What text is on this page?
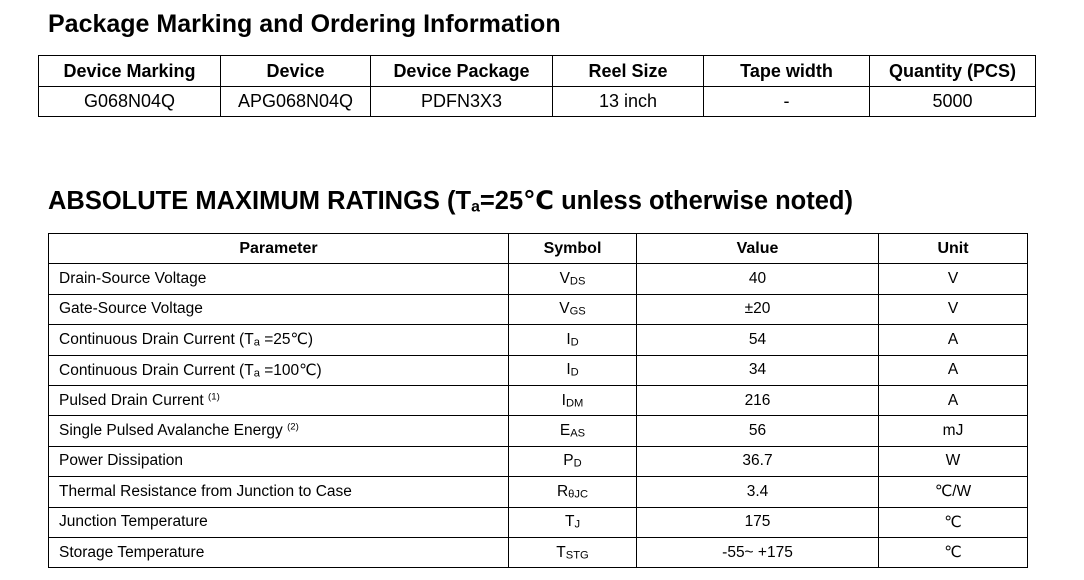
Package Marking and Ordering Information
Device Marking	Device	Device Package	Reel Size	Tape width	Quantity (PCS)
G068N04Q	APG068N04Q	PDFN3X3	13 inch	-	5000
ABSOLUTE MAXIMUM RATINGS (Ta=25℃ unless otherwise noted)
Parameter	Symbol	Value	Unit
Drain-Source Voltage	VDS	40	V
Gate-Source Voltage	VGS	±20	V
Continuous Drain Current (Ta =25℃)	ID	54	A
Continuous Drain Current (Ta =100℃)	ID	34	A
Pulsed Drain Current $^{(1)}$	IDM	216	A
Single Pulsed Avalanche Energy $^{(2)}$	EAS	56	mJ
Power Dissipation	PD	36.7	W
Thermal Resistance from Junction to Case	RθJC	3.4	℃/W
Junction Temperature	TJ	175	℃
Storage Temperature	TSTG	-55~ +175	℃
